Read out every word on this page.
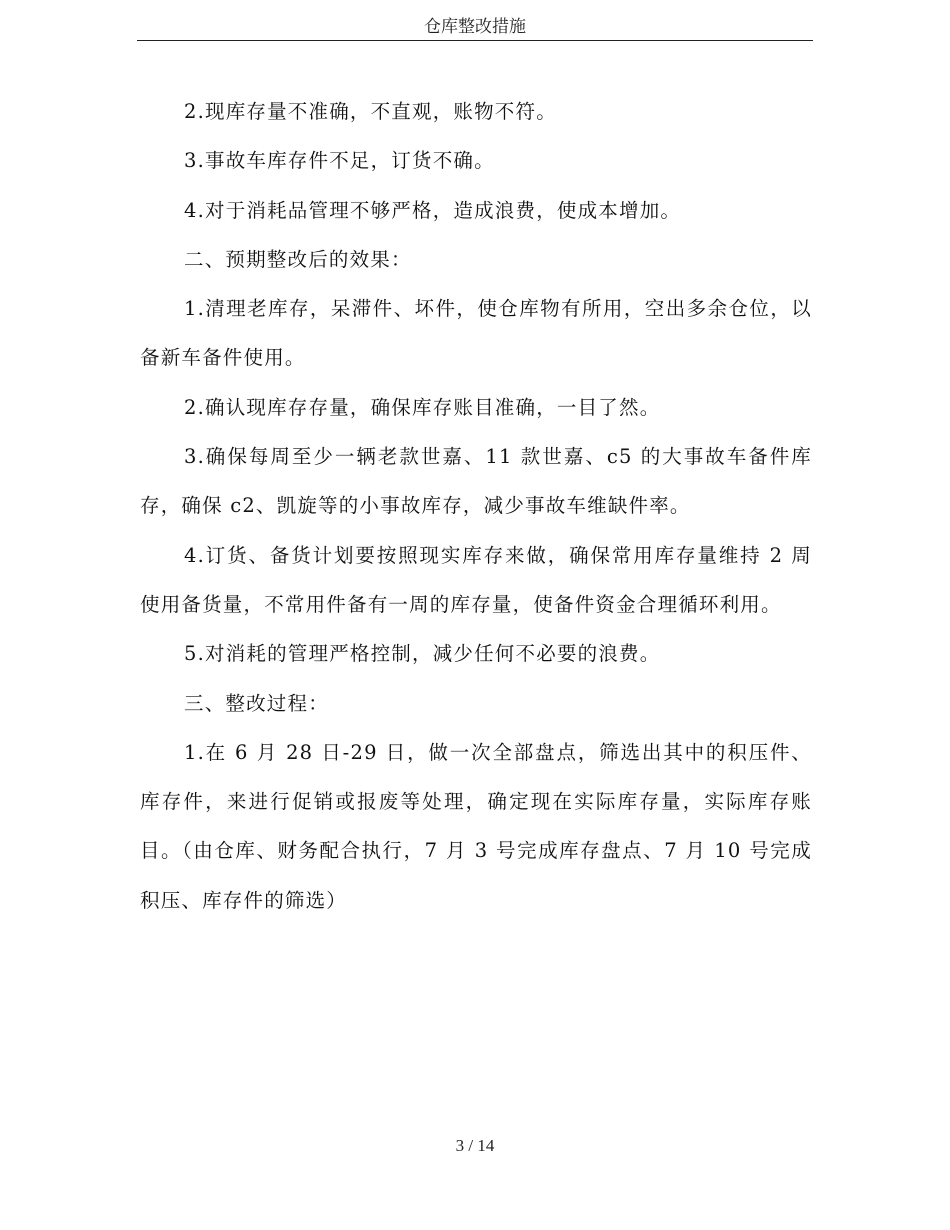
仓库整改措施

2.现库存量不准确，不直观，账物不符。

3.事故车库存件不足，订货不确。

4.对于消耗品管理不够严格，造成浪费，使成本增加。

二、预期整改后的效果：

1.清理老库存，呆滞件、坏件，使仓库物有所用，空出多余仓位，以备新车备件使用。

2.确认现库存存量，确保库存账目准确，一目了然。

3.确保每周至少一辆老款世嘉、11 款世嘉、c5 的大事故车备件库存，确保 c2、凯旋等的小事故库存，减少事故车维缺件率。

4.订货、备货计划要按照现实库存来做，确保常用库存量维持 2 周使用备货量，不常用件备有一周的库存量，使备件资金合理循环利用。

5.对消耗的管理严格控制，减少任何不必要的浪费。

三、整改过程：

1.在 6 月 28 日-29 日，做一次全部盘点，筛选出其中的积压件、库存件，来进行促销或报废等处理，确定现在实际库存量，实际库存账目。（由仓库、财务配合执行，7 月 3 号完成库存盘点、7 月 10 号完成积压、库存件的筛选）

3 / 14
